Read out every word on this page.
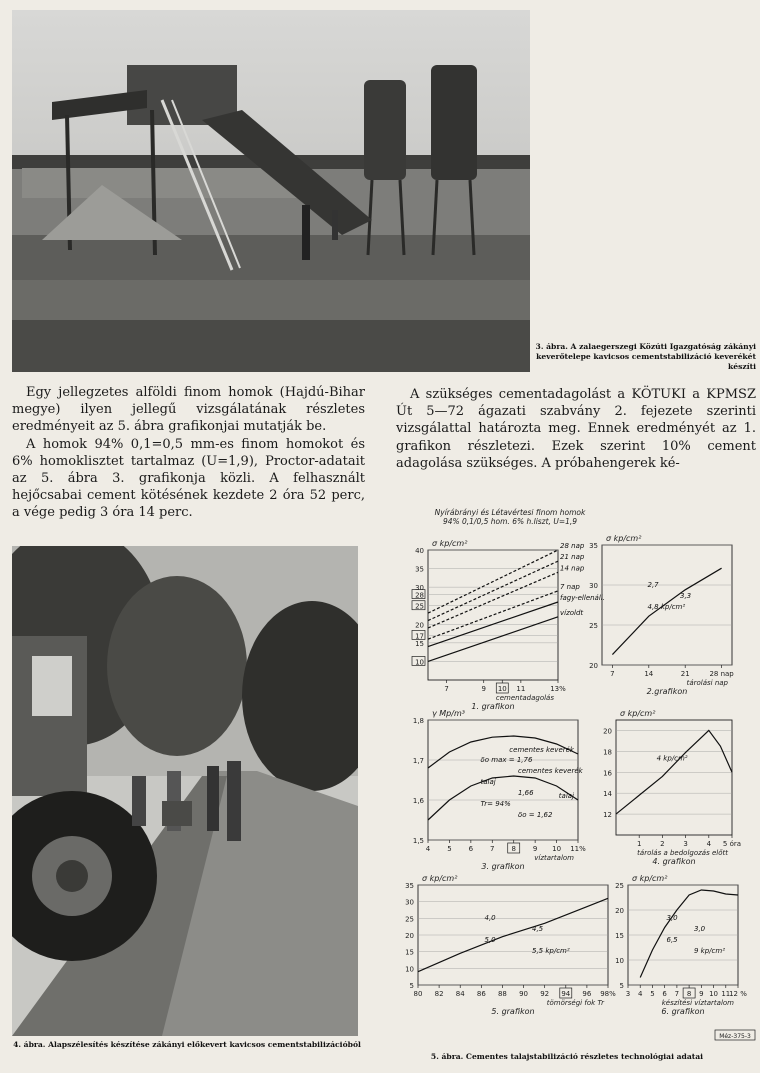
3. ábra. A zalaegerszegi Közúti Igazgatóság zákányi keverőtelepe kavicsos cementstabilizáció keverékét készíti

Egy jellegzetes alföldi finom homok (Hajdú-Bihar megye) ilyen jellegű vizsgálatának részletes eredményeit az 5. ábra grafikonjai mutatják be.

A homok 94% 0,1=0,5 mm-es finom homokot és 6% homoklisztet tartalmaz (U=1,9), Proctor-adatait az 5. ábra 3. grafikonja közli. A felhasznált hejőcsabai cement kötésének kezdete 2 óra 52 perc, a vége pedig 3 óra 14 perc.

A szükséges cementadagolást a KÖTUKI a KPMSZ Út 5—72 ágazati szabvány 2. fejezete szerinti vizsgálattal határozta meg. Ennek eredményét az 1. grafikon részletezi. Ezek szerint 10% cement adagolása szükséges. A próbahengerek ké-

4. ábra. Alapszélesítés készítése zákányi előkevert kavicsos cementstabilizációból
Nyírábrányi és Létavértesi finom homok
94% 0,1/0,5 hom. 6% h.liszt, U=1,9
10
15
17
20
25
28
30
35
40
7	9 10 11	13%
σ kp/cm²
cementadagolás
1. grafikon
28 nap
21 nap
14 nap
7 nap
fagy-ellenáll.
vízoldt
20
25
30
35
7	14	21	28 nap
σ kp/cm²
tárolási nap
2.grafikon
2,7
3,3
4,8 kp/cm²
1,5
1,6
1,7
1,8
4 5 6 7 8 9 10 11%
γ Mp/m³
víztartalom
3. grafikon
cementes keverék
talaj
δo max = 1,76
cementes keverék
talaj
1,66
Tr= 94%
δo = 1,62	12
14
16
18
20
1	2	3	4 5 óra
σ kp/cm²
tárolás a bedolgozás előtt
4. grafikon
4 kp/cm²
5
10
15
20
25
30
35
80 82 84 86 88 90 92 94 96 98%
σ kp/cm²
tömörségi fok Tr
5. grafikon
4,0
4,5
5,0
5,5 kp/cm²
5
10
15
20
25
3 4 5 6 7 8 9 10 11
12 %
σ kp/cm²
készítési víztartalom
6. grafikon
3,0
3,0
6,5
9 kp/cm²
Méz-375-3
5. ábra. Cementes talajstabilizáció részletes technológiai adatai
